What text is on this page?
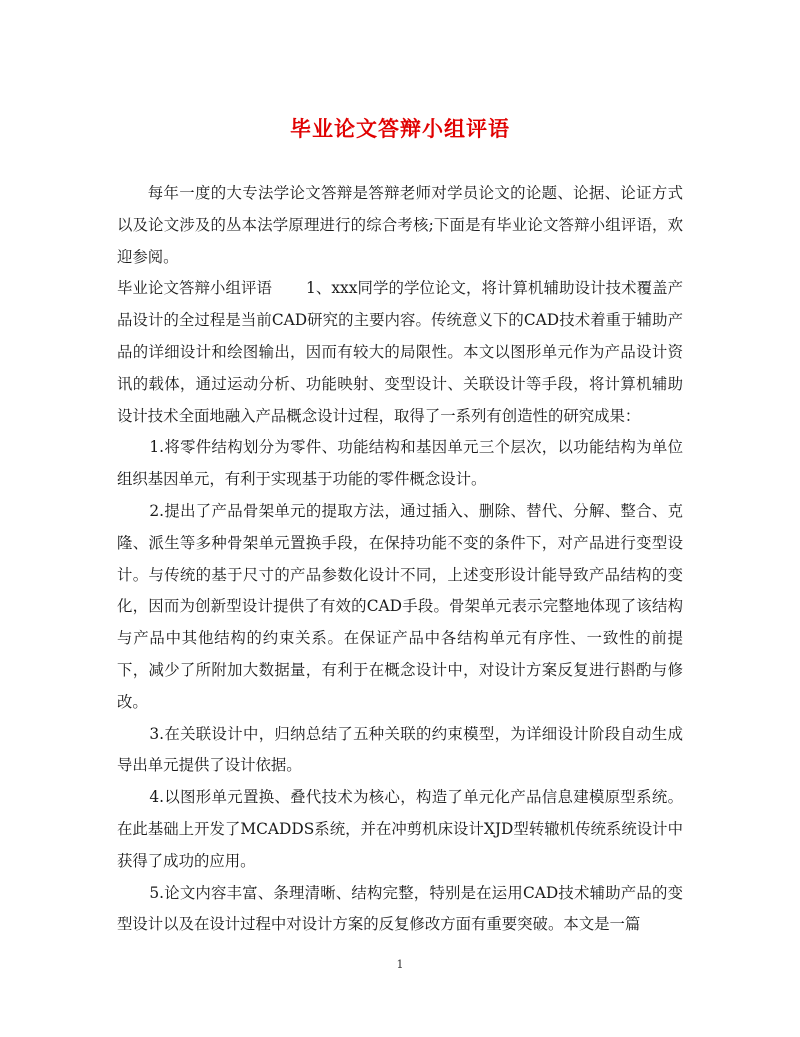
毕业论文答辩小组评语

每年一度的大专法学论文答辩是答辩老师对学员论文的论题、论据、论证方式以及论文涉及的丛本法学原理进行的综合考核;下面是有毕业论文答辩小组评语，欢迎参阅。

毕业论文答辩小组评语 1、xxx同学的学位论文，将计算机辅助设计技术覆盖产品设计的全过程是当前CAD研究的主要内容。传统意义下的CAD技术着重于辅助产品的详细设计和绘图输出，因而有较大的局限性。本文以图形单元作为产品设计资讯的载体，通过运动分析、功能映射、变型设计、关联设计等手段，将计算机辅助设计技术全面地融入产品概念设计过程，取得了一系列有创造性的研究成果：

1.将零件结构划分为零件、功能结构和基因单元三个层次，以功能结构为单位组织基因单元，有利于实现基于功能的零件概念设计。

2.提出了产品骨架单元的提取方法，通过插入、删除、替代、分解、整合、克隆、派生等多种骨架单元置换手段，在保持功能不变的条件下，对产品进行变型设计。与传统的基于尺寸的产品参数化设计不同，上述变形设计能导致产品结构的变化，因而为创新型设计提供了有效的CAD手段。骨架单元表示完整地体现了该结构与产品中其他结构的约束关系。在保证产品中各结构单元有序性、一致性的前提下，减少了所附加大数据量，有利于在概念设计中，对设计方案反复进行斟酌与修改。

3.在关联设计中，归纳总结了五种关联的约束模型，为详细设计阶段自动生成导出单元提供了设计依据。

4.以图形单元置换、叠代技术为核心，构造了单元化产品信息建模原型系统。在此基础上开发了MCADDS系统，并在冲剪机床设计XJD型转辙机传统系统设计中获得了成功的应用。

5.论文内容丰富、条理清晰、结构完整，特别是在运用CAD技术辅助产品的变型设计以及在设计过程中对设计方案的反复修改方面有重要突破。本文是一篇

1
